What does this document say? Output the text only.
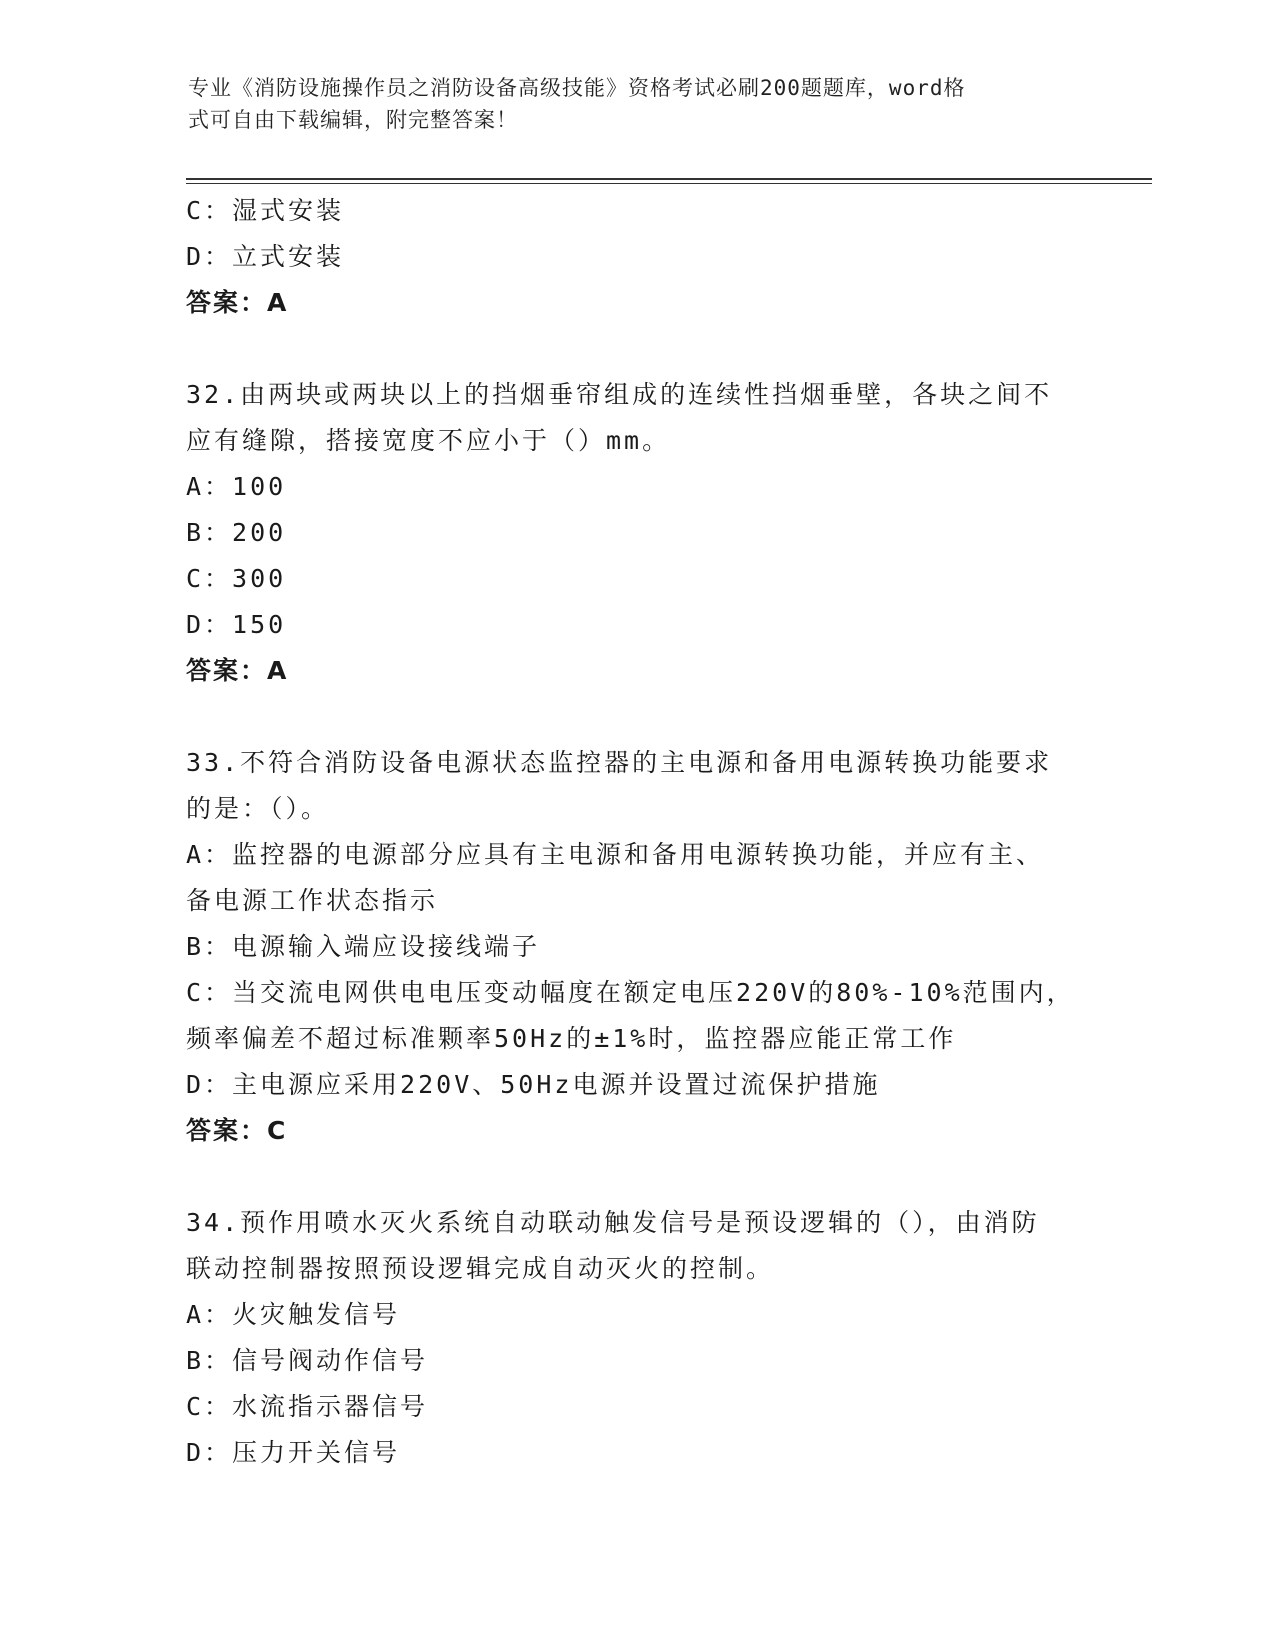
专业《消防设施操作员之消防设备高级技能》资格考试必刷200题题库，word格
式可自由下载编辑，附完整答案！
C：湿式安装
D：立式安装
答案：A
32.由两块或两块以上的挡烟垂帘组成的连续性挡烟垂壁，各块之间不
应有缝隙，搭接宽度不应小于（）mm。
A：100
B：200
C：300
D：150
答案：A
33.不符合消防设备电源状态监控器的主电源和备用电源转换功能要求
的是：（）。
A：监控器的电源部分应具有主电源和备用电源转换功能，并应有主、
备电源工作状态指示
B：电源输入端应设接线端子
C：当交流电网供电电压变动幅度在额定电压220V的80%-10%范围内，
频率偏差不超过标准颗率50Hz的±1%时，监控器应能正常工作
D：主电源应采用220V、50Hz电源并设置过流保护措施
答案：C
34.预作用喷水灭火系统自动联动触发信号是预设逻辑的（），由消防
联动控制器按照预设逻辑完成自动灭火的控制。
A：火灾触发信号
B：信号阀动作信号
C：水流指示器信号
D：压力开关信号
